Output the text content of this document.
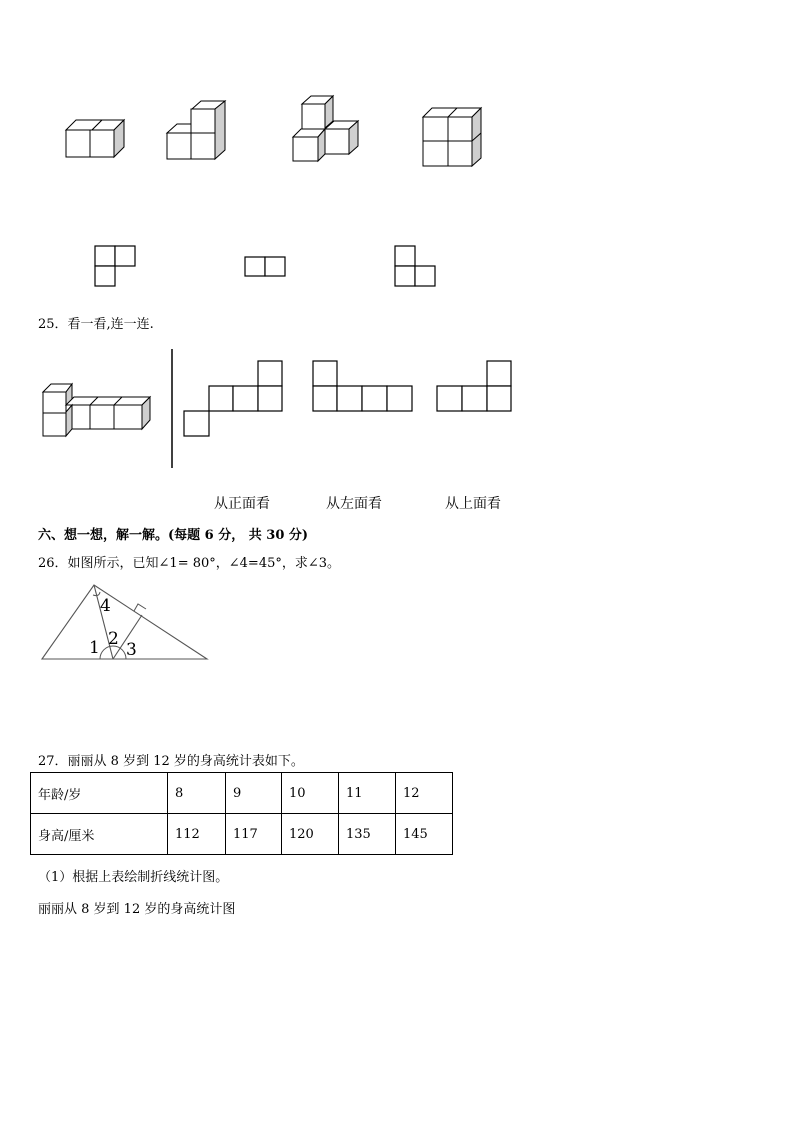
25．看一看,连一连.
从正面看	从左面看	从上面看
六、想一想，解一解。(每题 6 分， 共 30 分)
26．如图所示，已知∠1= 80°，∠4=45°，求∠3。
4
1 2
3
27．丽丽从 8 岁到 12 岁的身高统计表如下。
年龄/岁	8	9	10	11	12
身高/厘米	112	117	120	135	145
（1）根据上表绘制折线统计图。
丽丽从 8 岁到 12 岁的身高统计图
